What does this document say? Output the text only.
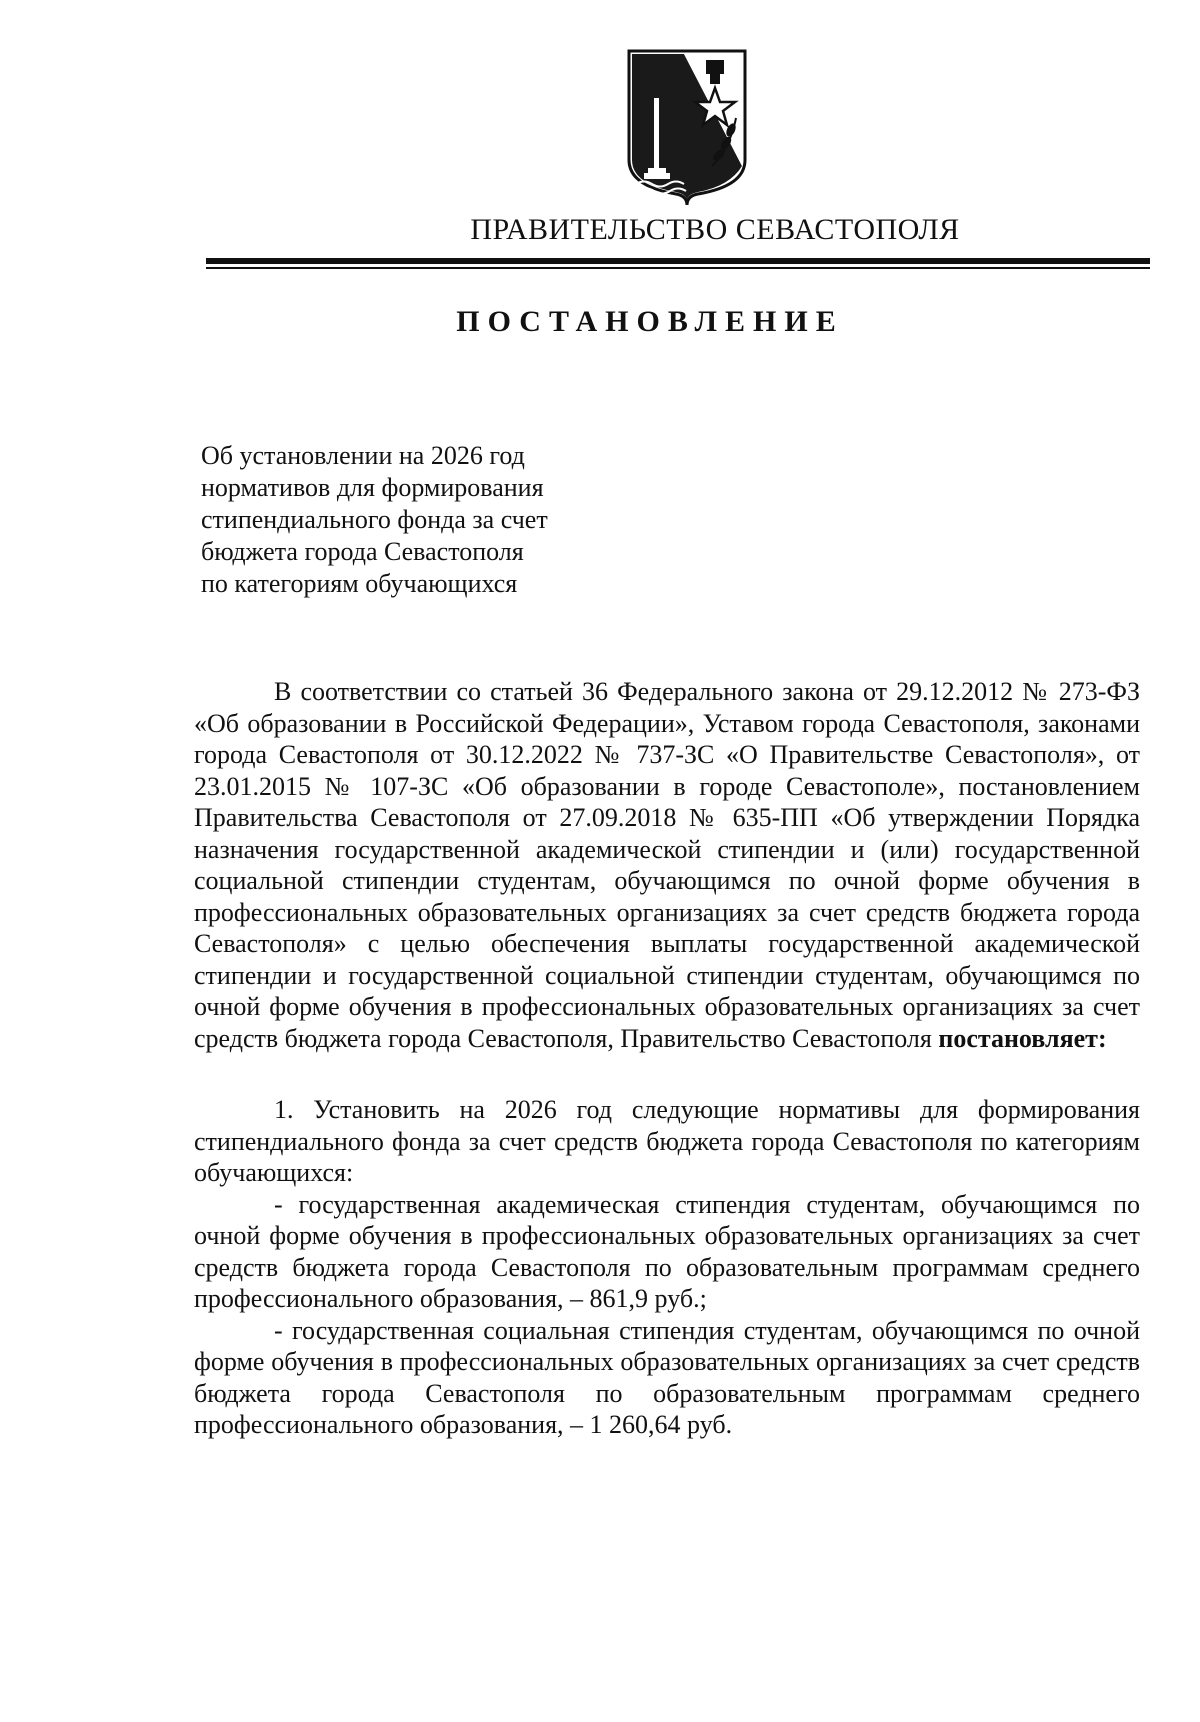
ПРАВИТЕЛЬСТВО СЕВАСТОПОЛЯ
ПОСТАНОВЛЕНИЕ
Об установлении на 2026 год
нормативов для формирования
стипендиального фонда за счет
бюджета города Севастополя
по категориям обучающихся

В соответствии со статьей 36 Федерального закона от 29.12.2012 № 273-ФЗ «Об образовании в Российской Федерации», Уставом города Севастополя, законами города Севастополя от 30.12.2022 № 737-ЗС «О Правительстве Севастополя», от 23.01.2015 № 107-ЗС «Об образовании в городе Севастополе», постановлением Правительства Севастополя от 27.09.2018 № 635-ПП «Об утверждении Порядка назначения государственной академической стипендии и (или) государственной социальной стипендии студентам, обучающимся по очной форме обучения в профессиональных образовательных организациях за счет средств бюджета города Севастополя» с целью обеспечения выплаты государственной академической стипендии и государственной социальной стипендии студентам, обучающимся по очной форме обучения в профессиональных образовательных организациях за счет средств бюджета города Севастополя, Правительство Севастополя постановляет:

1. Установить на 2026 год следующие нормативы для формирования стипендиального фонда за счет средств бюджета города Севастополя по категориям обучающихся:

- государственная академическая стипендия студентам, обучающимся по очной форме обучения в профессиональных образовательных организациях за счет средств бюджета города Севастополя по образовательным программам среднего профессионального образования, – 861,9 руб.;

- государственная социальная стипендия студентам, обучающимся по очной форме обучения в профессиональных образовательных организациях за счет средств бюджета города Севастополя по образовательным программам среднего профессионального образования, – 1 260,64 руб.
